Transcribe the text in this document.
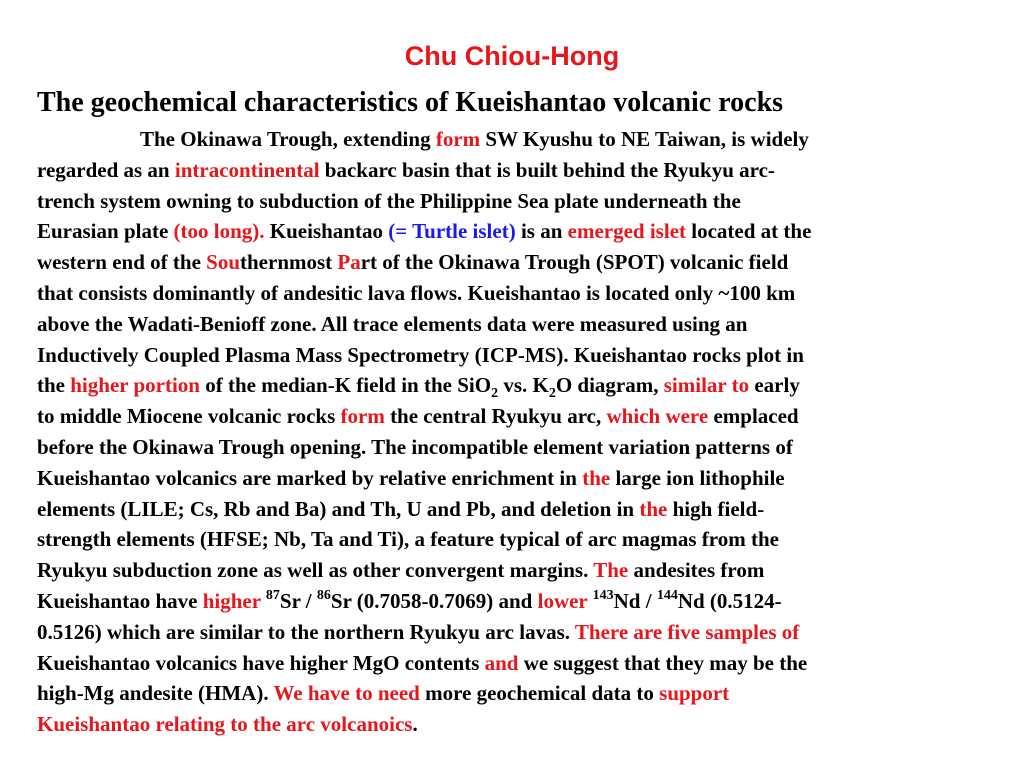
Chu Chiou-Hong
The geochemical characteristics of Kueishantao volcanic rocks
The Okinawa Trough, extending form SW Kyushu to NE Taiwan, is widely
regarded as an intracontinental backarc basin that is built behind the Ryukyu arc-
trench system owning to subduction of the Philippine Sea plate underneath the
Eurasian plate (too long). Kueishantao (= Turtle islet) is an emerged islet located at the
western end of the Southernmost Part of the Okinawa Trough (SPOT) volcanic field
that consists dominantly of andesitic lava flows. Kueishantao is located only ~100 km
above the Wadati-Benioff zone. All trace elements data were measured using an
Inductively Coupled Plasma Mass Spectrometry (ICP-MS). Kueishantao rocks plot in
the higher portion of the median-K field in the SiO$_2$ vs. $K_2O$ diagram, similar to early
to middle Miocene volcanic rocks form the central Ryukyu arc, which were emplaced
before the Okinawa Trough opening. The incompatible element variation patterns of
Kueishantao volcanics are marked by relative enrichment in the large ion lithophile
elements (LILE; Cs, Rb and Ba) and Th, U and Pb, and deletion in the high field-
strength elements (HFSE; Nb, Ta and Ti), a feature typical of arc magmas from the
Ryukyu subduction zone as well as other convergent margins. The andesites from
Kueishantao have higher $^{87}$Sr / $^{86}$Sr (0.7058-0.7069) and lower $^{143}$Nd / $^{144}$Nd (0.5124-
0.5126) which are similar to the northern Ryukyu arc lavas. There are five samples of
Kueishantao volcanics have higher MgO contents and we suggest that they may be the
high-Mg andesite (HMA). We have to need more geochemical data to support
Kueishantao relating to the arc volcanoics.
